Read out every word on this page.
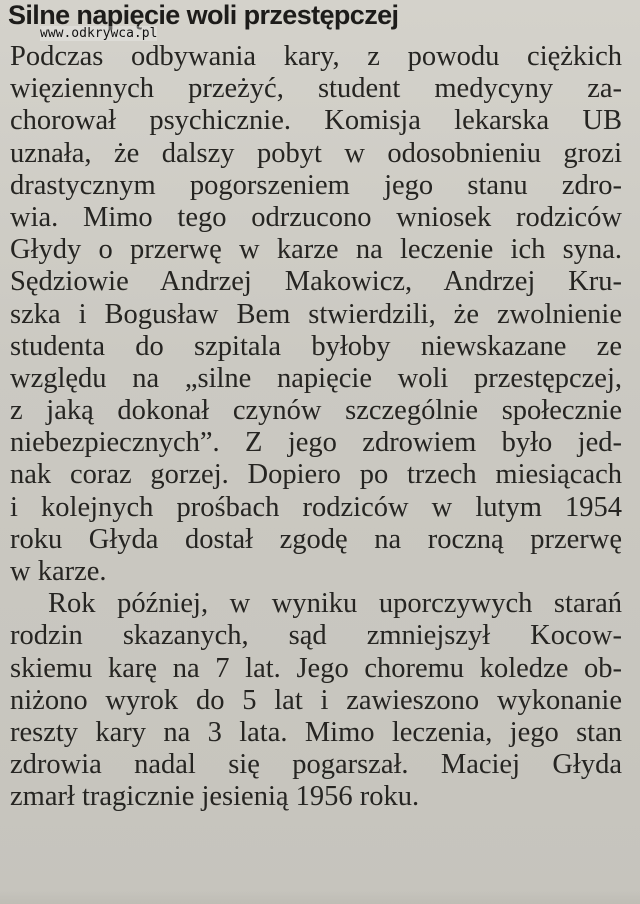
Silne napięcie woli przestępczej
www.odkrywca.pl
Podczas odbywania kary, z powodu ciężkich
więziennych przeżyć, student medycyny za-
chorował psychicznie. Komisja lekarska UB
uznała, że dalszy pobyt w odosobnieniu grozi
drastycznym pogorszeniem jego stanu zdro-
wia. Mimo tego odrzucono wniosek rodziców
Głydy o przerwę w karze na leczenie ich syna.
Sędziowie Andrzej Makowicz, Andrzej Kru-
szka i Bogusław Bem stwierdzili, że zwolnienie
studenta do szpitala byłoby niewskazane ze
względu na „silne napięcie woli przestępczej,
z jaką dokonał czynów szczególnie społecznie
niebezpiecznych”. Z jego zdrowiem było jed-
nak coraz gorzej. Dopiero po trzech miesiącach
i kolejnych prośbach rodziców w lutym 1954
roku Głyda dostał zgodę na roczną przerwę
w karze.
Rok później, w wyniku uporczywych starań
rodzin skazanych, sąd zmniejszył Kocow-
skiemu karę na 7 lat. Jego choremu koledze ob-
niżono wyrok do 5 lat i zawieszono wykonanie
reszty kary na 3 lata. Mimo leczenia, jego stan
zdrowia nadal się pogarszał. Maciej Głyda
zmarł tragicznie jesienią 1956 roku.
